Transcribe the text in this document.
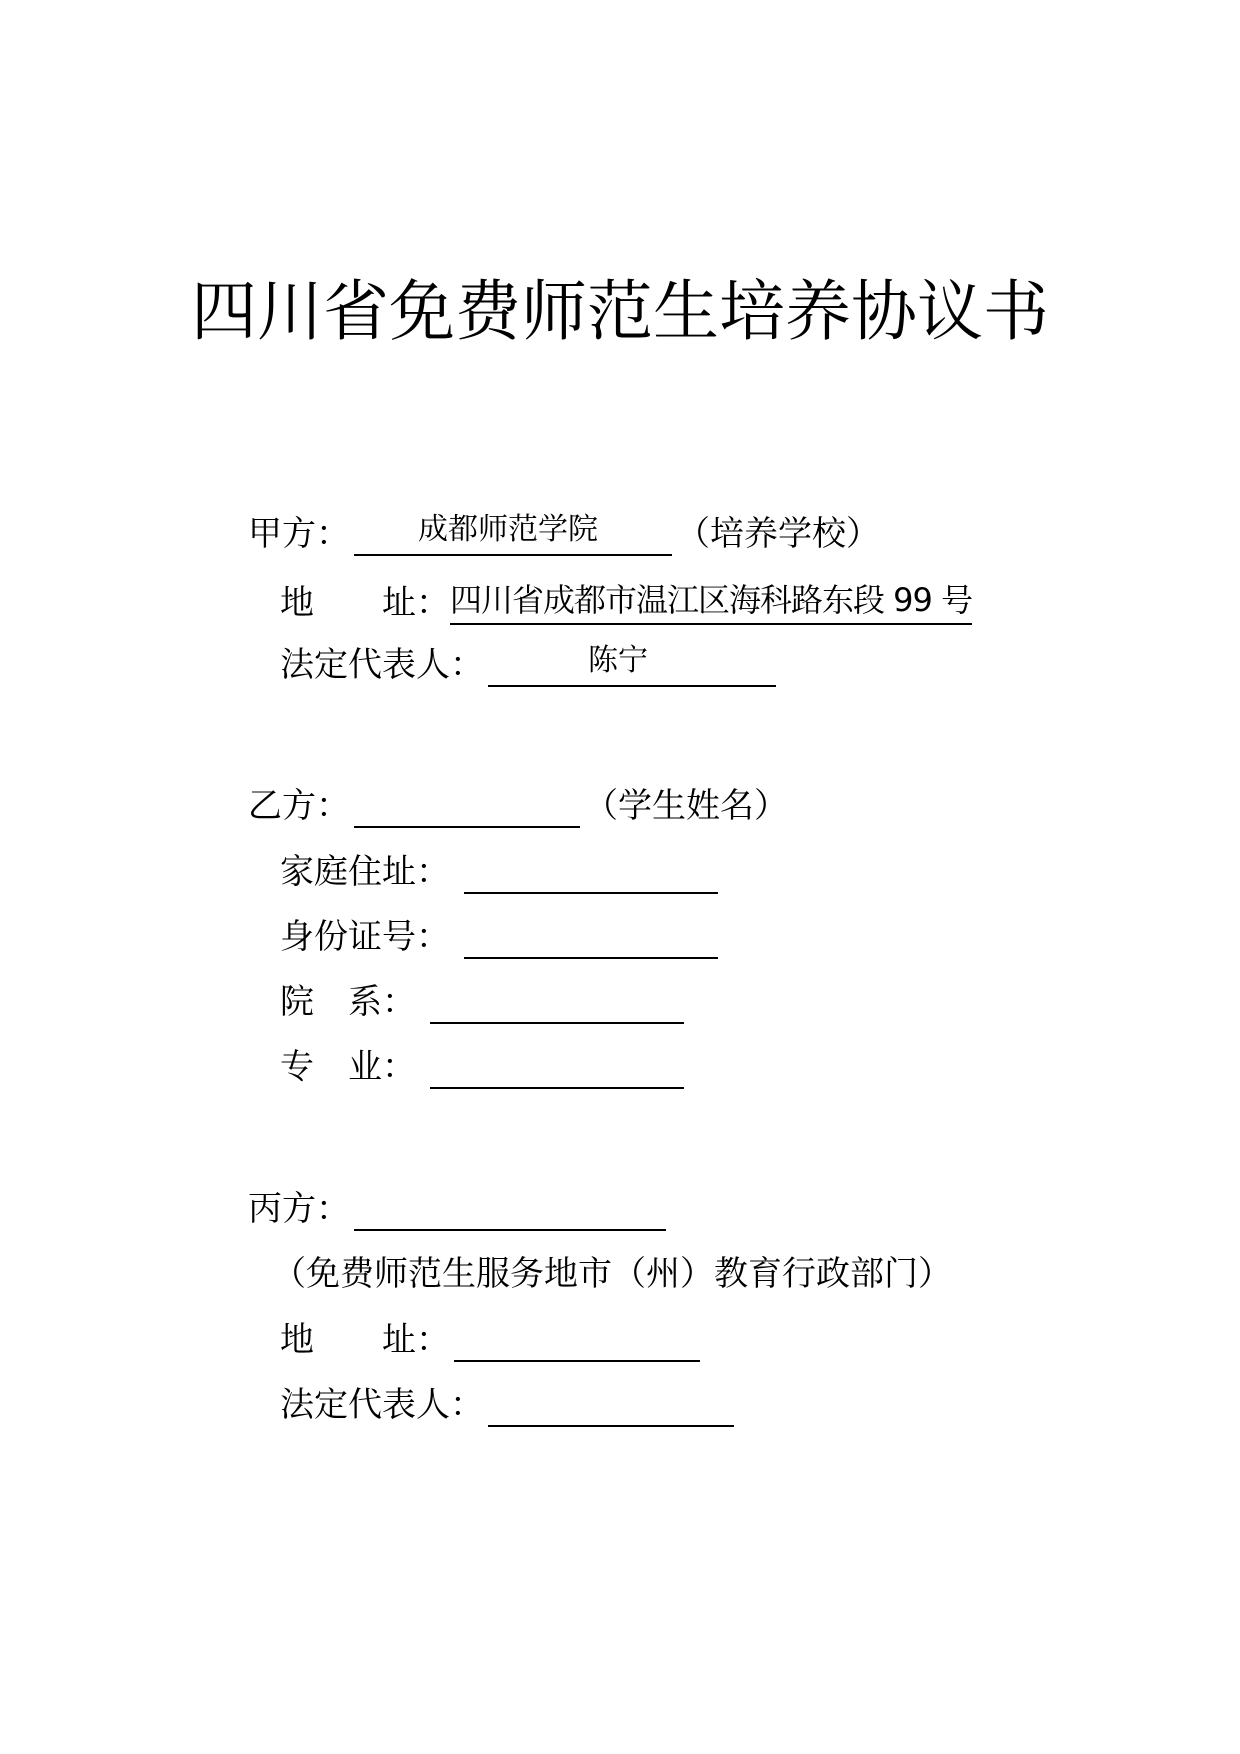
四川省免费师范生培养协议书
甲方： 成都师范学院 （培养学校）
地　　址： 四川省成都市温江区海科路东段 99 号
法定代表人：	陈宁
乙方：	（学生姓名）
家庭住址：
身份证号：
院　系：
专　业：
丙方：
（免费师范生服务地市（州）教育行政部门）
地　　址：
法定代表人：
